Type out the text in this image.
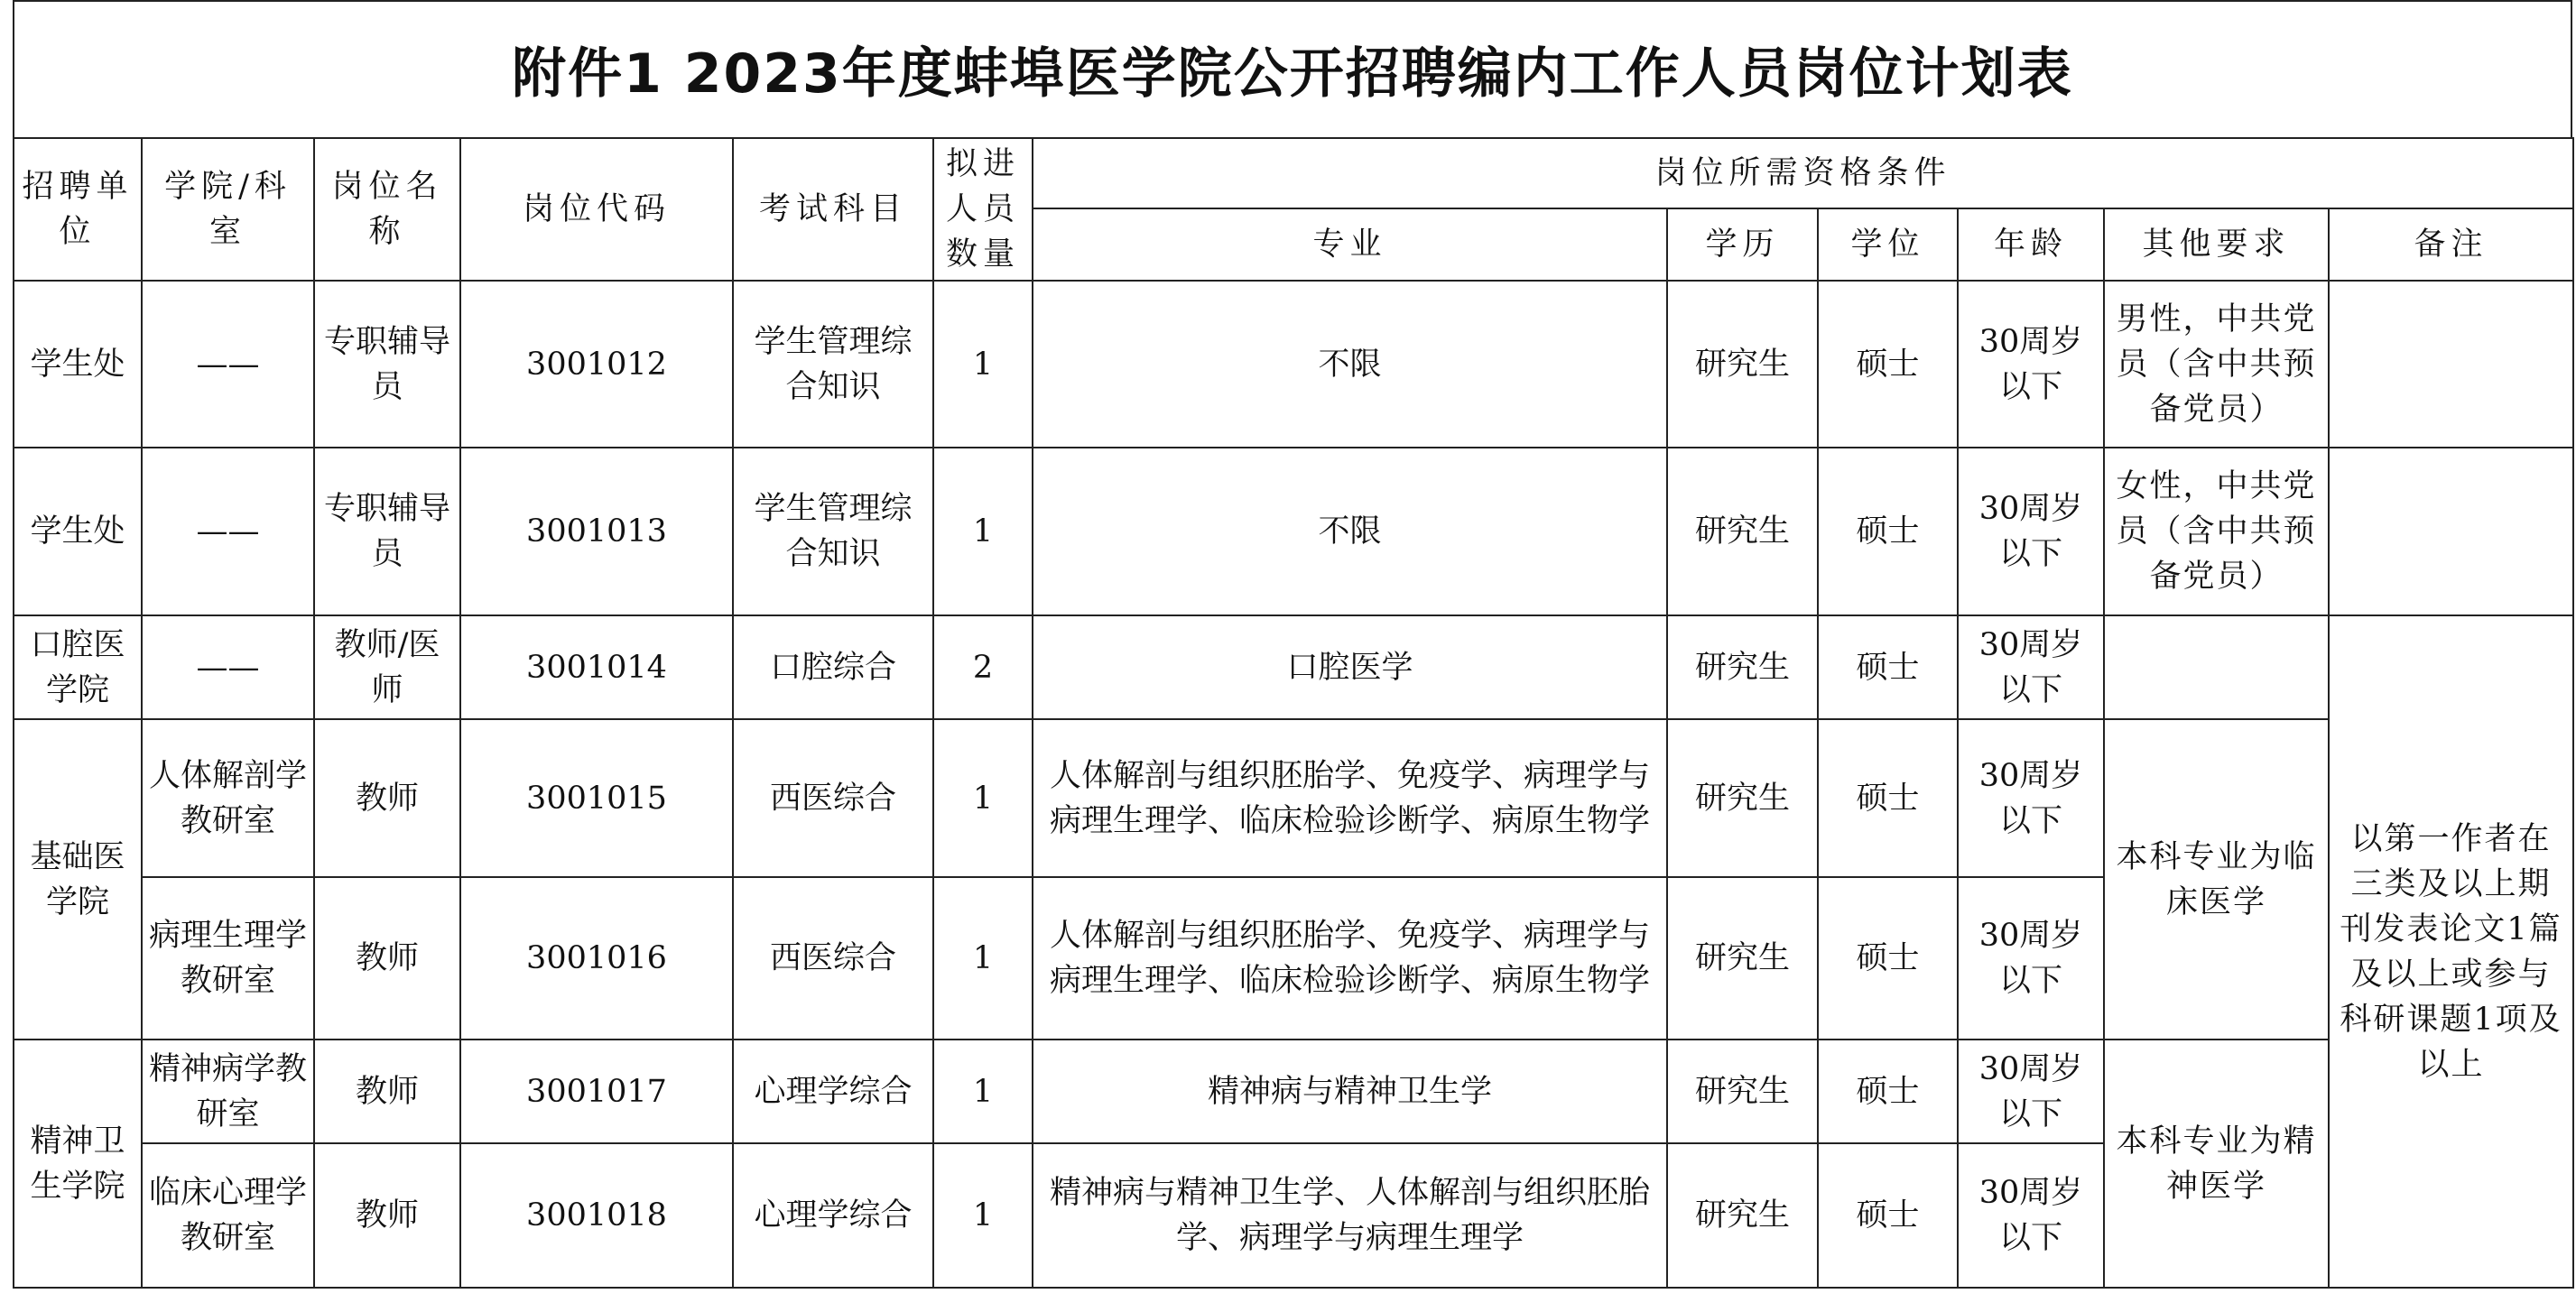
附件1 2023年度蚌埠医学院公开招聘编内工作人员岗位计划表
招聘单位	学院/科室	岗位名称	岗位代码	考试科目	拟进人员数量	岗位所需资格条件					
						专业	学历	学位	年龄	其他要求	备注
学生处	——	专职辅导员	3001012	学生管理综合知识	1	不限	研究生	硕士	30周岁以下	男性，中共党员（含中共预备党员）	
学生处	——	专职辅导员	3001013	学生管理综合知识	1	不限	研究生	硕士	30周岁以下	女性，中共党员（含中共预备党员）	
口腔医学院	——	教师/医师	3001014	口腔综合	2	口腔医学	研究生	硕士	30周岁以下		以第一作者在三类及以上期刊发表论文1篇及以上或参与科研课题1项及以上
基础医学院	人体解剖学教研室	教师	3001015	西医综合	1	人体解剖与组织胚胎学、免疫学、病理学与病理生理学、临床检验诊断学、病原生物学	研究生	硕士	30周岁以下	本科专业为临床医学	
	病理生理学教研室	教师	3001016	西医综合	1	人体解剖与组织胚胎学、免疫学、病理学与病理生理学、临床检验诊断学、病原生物学	研究生	硕士	30周岁以下		
精神卫生学院	精神病学教研室	教师	3001017	心理学综合	1	精神病与精神卫生学	研究生	硕士	30周岁以下	本科专业为精神医学	
	临床心理学教研室	教师	3001018	心理学综合	1	精神病与精神卫生学、人体解剖与组织胚胎学、病理学与病理生理学	研究生	硕士	30周岁以下		
